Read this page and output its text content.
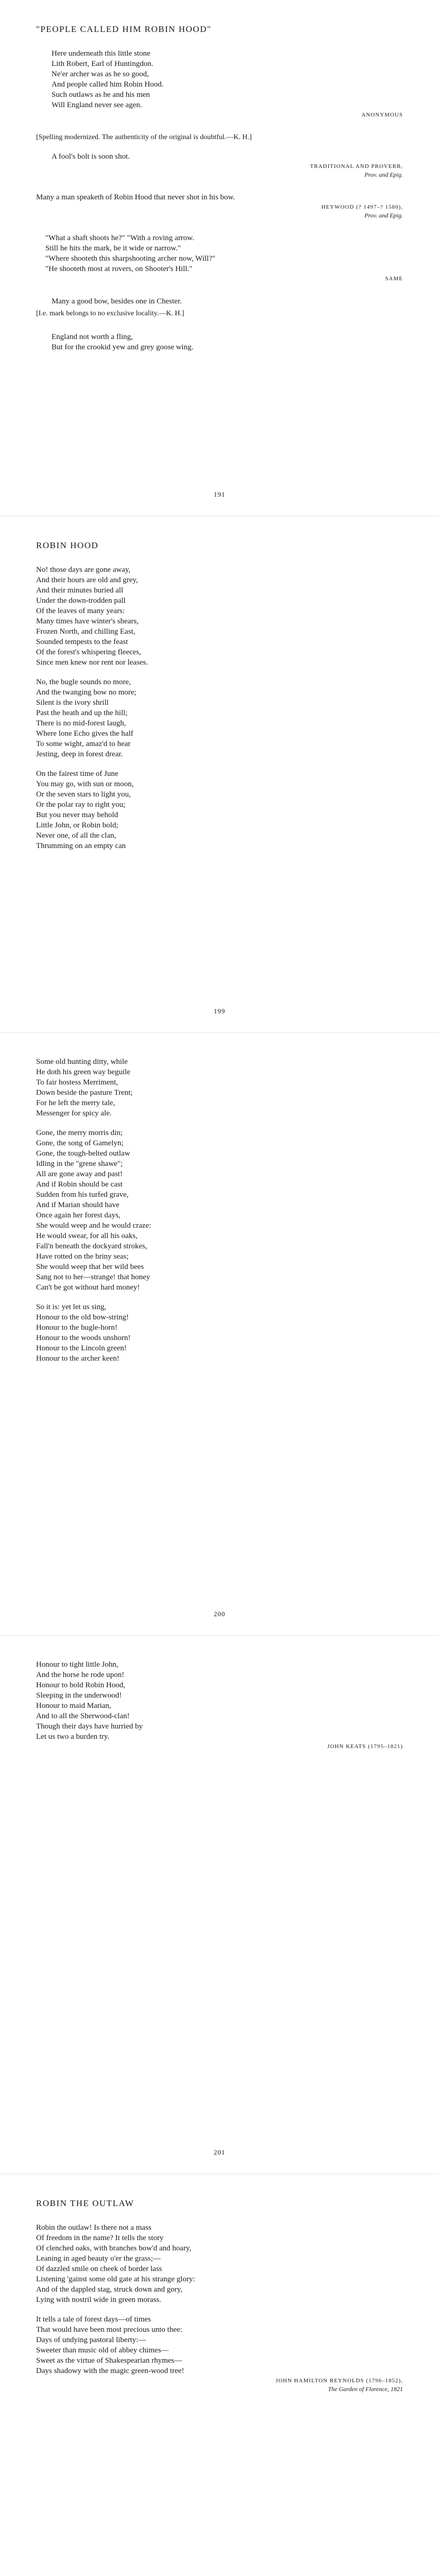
"PEOPLE CALLED HIM ROBIN HOOD"
Here underneath this little stone
Lith Robert, Earl of Huntingdon.
Ne'er archer was as he so good,
And people called him Robin Hood.
Such outlaws as he and his men
Will England never see agen.
ANONYMOUS

[Spelling modernized. The authenticity of the original is doubtful.—K. H.]

A fool's bolt is soon shot.
TRADITIONAL AND PROVERB,
Prov. and Epig.
Many a man speaketh of Robin Hood that never shot in his bow.
HEYWOOD (? 1497–? 1580),
Prov. and Epig.
"What a shaft shoots he?" "With a roving arrow.
Still he hits the mark, be it wide or narrow."
"Where shooteth this sharpshooting archer now, Will?"
"He shooteth most at rovers, on Shooter's Hill."
SAME
Many a good bow, besides one in Chester.

[I.e. mark belongs to no exclusive locality.—K. H.]

England not worth a fling,
But for the crookid yew and grey goose wing.
191
ROBIN HOOD
No! those days are gone away,
And their hours are old and grey,
And their minutes buried all
Under the down-trodden pall
Of the leaves of many years:
Many times have winter's shears,
Frozen North, and chilling East,
Sounded tempests to the feast
Of the forest's whispering fleeces,
Since men knew nor rent nor leases.
No, the bugle sounds no more,
And the twanging bow no more;
Silent is the ivory shrill
Past the heath and up the hill;
There is no mid-forest laugh,
Where lone Echo gives the half
To some wight, amaz'd to hear
Jesting, deep in forest drear.
On the fairest time of June
You may go, with sun or moon,
Or the seven stars to light you,
Or the polar ray to right you;
But you never may behold
Little John, or Robin bold;
Never one, of all the clan,
Thrumming on an empty can
199
Some old hunting ditty, while
He doth his green way beguile
To fair hostess Merriment,
Down beside the pasture Trent;
For he left the merry tale,
Messenger for spicy ale.
Gone, the merry morris din;
Gone, the song of Gamelyn;
Gone, the tough-belted outlaw
Idling in the "grene shawe";
All are gone away and past!
And if Robin should be cast
Sudden from his turfed grave,
And if Marian should have
Once again her forest days,
She would weep and he would craze:
He would swear, for all his oaks,
Fall'n beneath the dockyard strokes,
Have rotted on the briny seas;
She would weep that her wild bees
Sang not to her—strange! that honey
Can't be got without hard money!
So it is: yet let us sing,
Honour to the old bow-string!
Honour to the bugle-horn!
Honour to the woods unshorn!
Honour to the Lincoln green!
Honour to the archer keen!
200
Honour to tight little John,
And the horse he rode upon!
Honour to bold Robin Hood,
Sleeping in the underwood!
Honour to maid Marian,
And to all the Sherwood-clan!
Though their days have hurried by
Let us two a burden try.
JOHN KEATS (1795–1821)
201
ROBIN THE OUTLAW
Robin the outlaw! Is there not a mass
Of freedom in the name? It tells the story
Of clenched oaks, with branches bow'd and hoary,
Leaning in aged beauty o'er the grass;—
Of dazzled smile on cheek of border lass
Listening 'gainst some old gate at his strange glory:
And of the dappled stag, struck down and gory,
Lying with nostril wide in green morass.
It tells a tale of forest days—of times
That would have been most precious unto thee:
Days of undying pastoral liberty:—
Sweeter than music old of abbey chimes—
Sweet as the virtue of Shakespearian rhymes—
Days shadowy with the magic green-wood tree!
JOHN HAMILTON REYNOLDS (1796–1852),
The Garden of Florence, 1821
